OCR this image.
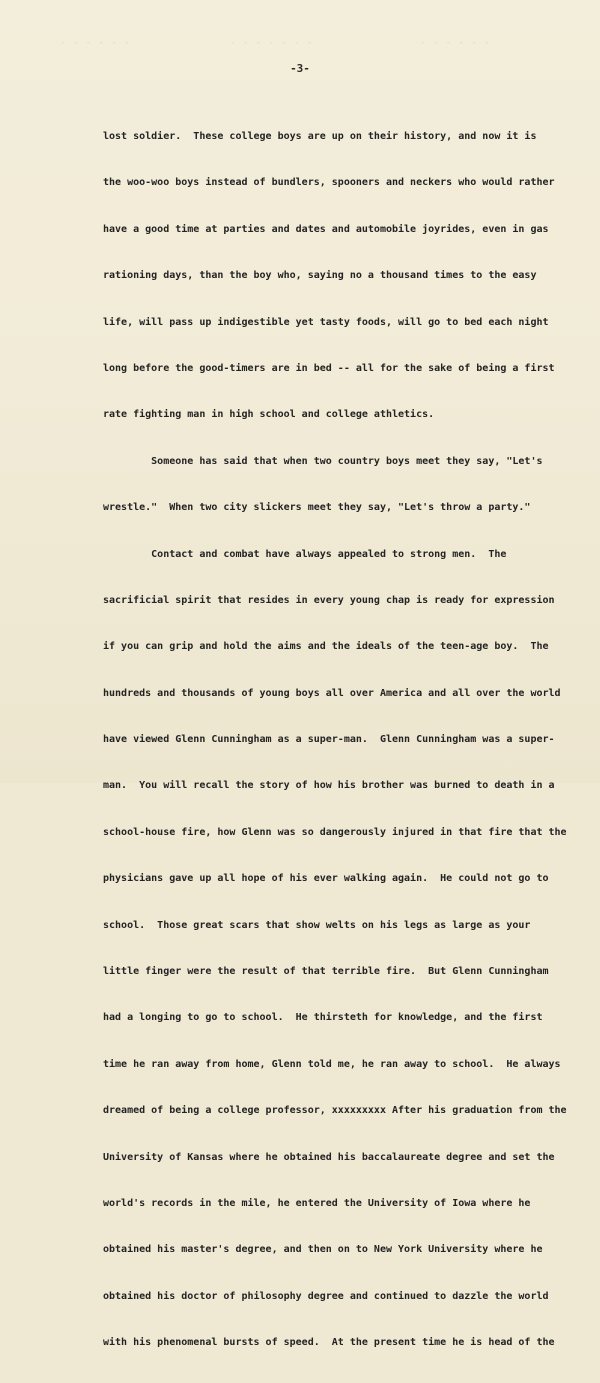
- - - - - -	- - - - - - -	- - - - - -
-3-

lost soldier.  These college boys are up on their history, and now it is

the woo-woo boys instead of bundlers, spooners and neckers who would rather

have a good time at parties and dates and automobile joyrides, even in gas

rationing days, than the boy who, saying no a thousand times to the easy

life, will pass up indigestible yet tasty foods, will go to bed each night

long before the good-timers are in bed -- all for the sake of being a first

rate fighting man in high school and college athletics.

Someone has said that when two country boys meet they say, "Let's

wrestle."  When two city slickers meet they say, "Let's throw a party."

Contact and combat have always appealed to strong men.  The

sacrificial spirit that resides in every young chap is ready for expression

if you can grip and hold the aims and the ideals of the teen-age boy.  The

hundreds and thousands of young boys all over America and all over the world

have viewed Glenn Cunningham as a super-man.  Glenn Cunningham was a super-

man.  You will recall the story of how his brother was burned to death in a

school-house fire, how Glenn was so dangerously injured in that fire that the

physicians gave up all hope of his ever walking again.  He could not go to

school.  Those great scars that show welts on his legs as large as your

little finger were the result of that terrible fire.  But Glenn Cunningham

had a longing to go to school.  He thirsteth for knowledge, and the first

time he ran away from home, Glenn told me, he ran away to school.  He always

dreamed of being a college professor, xxxxxxxxx After his graduation from the

University of Kansas where he obtained his baccalaureate degree and set the

world's records in the mile, he entered the University of Iowa where he

obtained his master's degree, and then on to New York University where he

obtained his doctor of philosophy degree and continued to dazzle the world

with his phenomenal bursts of speed.  At the present time he is head of the
